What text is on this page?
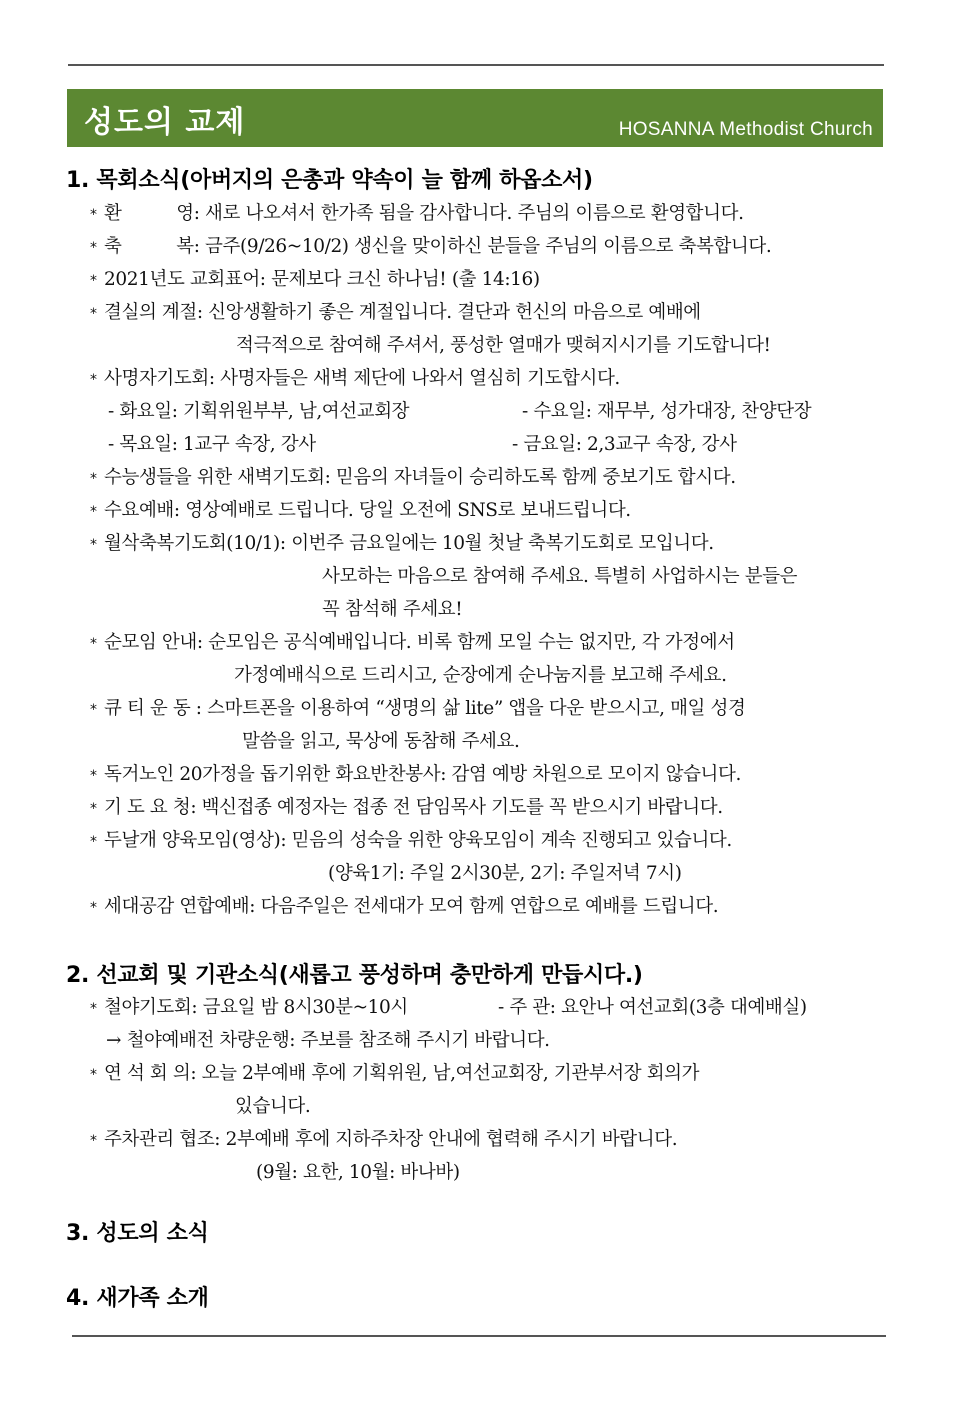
성도의 교제	HOSANNA Methodist Church
1. 목회소식(아버지의 은총과 약속이 늘 함께 하옵소서)
* 환          영: 새로 나오셔서 한가족 됨을 감사합니다. 주님의 이름으로 환영합니다.
* 축          복: 금주(9/26~10/2) 생신을 맞이하신 분들을 주님의 이름으로 축복합니다.
* 2021년도 교회표어: 문제보다 크신 하나님! (출 14:16)
* 결실의 계절: 신앙생활하기 좋은 계절입니다. 결단과 헌신의 마음으로 예배에
적극적으로 참여해 주셔서, 풍성한 열매가 맺혀지시기를 기도합니다!
* 사명자기도회: 사명자들은 새벽 제단에 나와서 열심히 기도합시다.
- 화요일: 기획위원부부, 남,여선교회장	- 수요일: 재무부, 성가대장, 찬양단장
- 목요일: 1교구 속장, 강사	- 금요일: 2,3교구 속장, 강사
* 수능생들을 위한 새벽기도회: 믿음의 자녀들이 승리하도록 함께 중보기도 합시다.
* 수요예배: 영상예배로 드립니다. 당일 오전에 SNS로 보내드립니다.
* 월삭축복기도회(10/1): 이번주 금요일에는 10월 첫날 축복기도회로 모입니다.
사모하는 마음으로 참여해 주세요. 특별히 사업하시는 분들은
꼭 참석해 주세요!
* 순모임 안내: 순모임은 공식예배입니다. 비록 함께 모일 수는 없지만, 각 가정에서
가정예배식으로 드리시고, 순장에게 순나눔지를 보고해 주세요.
* 큐 티 운 동 : 스마트폰을 이용하여 “생명의 삶 lite” 앱을 다운 받으시고, 매일 성경
말씀을 읽고, 묵상에 동참해 주세요.
* 독거노인 20가정을 돕기위한 화요반찬봉사: 감염 예방 차원으로 모이지 않습니다.
* 기 도 요 청: 백신접종 예정자는 접종 전 담임목사 기도를 꼭 받으시기 바랍니다.
* 두날개 양육모임(영상): 믿음의 성숙을 위한 양육모임이 계속 진행되고 있습니다.
(양육1기: 주일 2시30분, 2기: 주일저녁 7시)
* 세대공감 연합예배: 다음주일은 전세대가 모여 함께 연합으로 예배를 드립니다.
2. 선교회 및 기관소식(새롭고 풍성하며 충만하게 만듭시다.)
* 철야기도회: 금요일 밤 8시30분~10시	- 주 관: 요안나 여선교회(3층 대예배실)
→ 철야예배전 차량운행: 주보를 참조해 주시기 바랍니다.
* 연 석 회 의: 오늘 2부예배 후에 기획위원, 남,여선교회장, 기관부서장 회의가
있습니다.
* 주차관리 협조: 2부예배 후에 지하주차장 안내에 협력해 주시기 바랍니다.
(9월: 요한, 10월: 바나바)
3. 성도의 소식
4. 새가족 소개
